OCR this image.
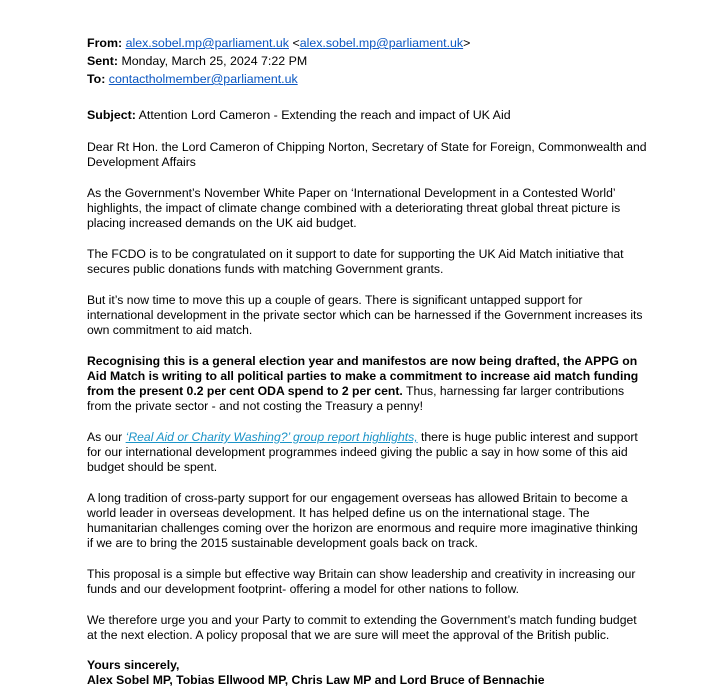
From: alex.sobel.mp@parliament.uk <alex.sobel.mp@parliament.uk>
Sent: Monday, March 25, 2024 7:22 PM
To: contactholmember@parliament.uk
Subject: Attention Lord Cameron - Extending the reach and impact of UK Aid

Dear Rt Hon. the Lord Cameron of Chipping Norton, Secretary of State for Foreign, Commonwealth and Development Affairs

As the Government’s November White Paper on ‘International Development in a Contested World’ highlights, the impact of climate change combined with a deteriorating threat global threat picture is placing increased demands on the UK aid budget.

The FCDO is to be congratulated on it support to date for supporting the UK Aid Match initiative that secures public donations funds with matching Government grants.

But it’s now time to move this up a couple of gears. There is significant untapped support for international development in the private sector which can be harnessed if the Government increases its own commitment to aid match.

Recognising this is a general election year and manifestos are now being drafted, the APPG on Aid Match is writing to all political parties to make a commitment to increase aid match funding from the present 0.2 per cent ODA spend to 2 per cent. Thus, harnessing far larger contributions from the private sector - and not costing the Treasury a penny!

As our ‘Real Aid or Charity Washing?’ group report highlights, there is huge public interest and support for our international development programmes indeed giving the public a say in how some of this aid budget should be spent.

A long tradition of cross-party support for our engagement overseas has allowed Britain to become a world leader in overseas development. It has helped define us on the international stage. The humanitarian challenges coming over the horizon are enormous and require more imaginative thinking if we are to bring the 2015 sustainable development goals back on track.

This proposal is a simple but effective way Britain can show leadership and creativity in increasing our funds and our development footprint- offering a model for other nations to follow.

We therefore urge you and your Party to commit to extending the Government’s match funding budget at the next election. A policy proposal that we are sure will meet the approval of the British public.

Yours sincerely,
Alex Sobel MP, Tobias Ellwood MP, Chris Law MP and Lord Bruce of Bennachie
